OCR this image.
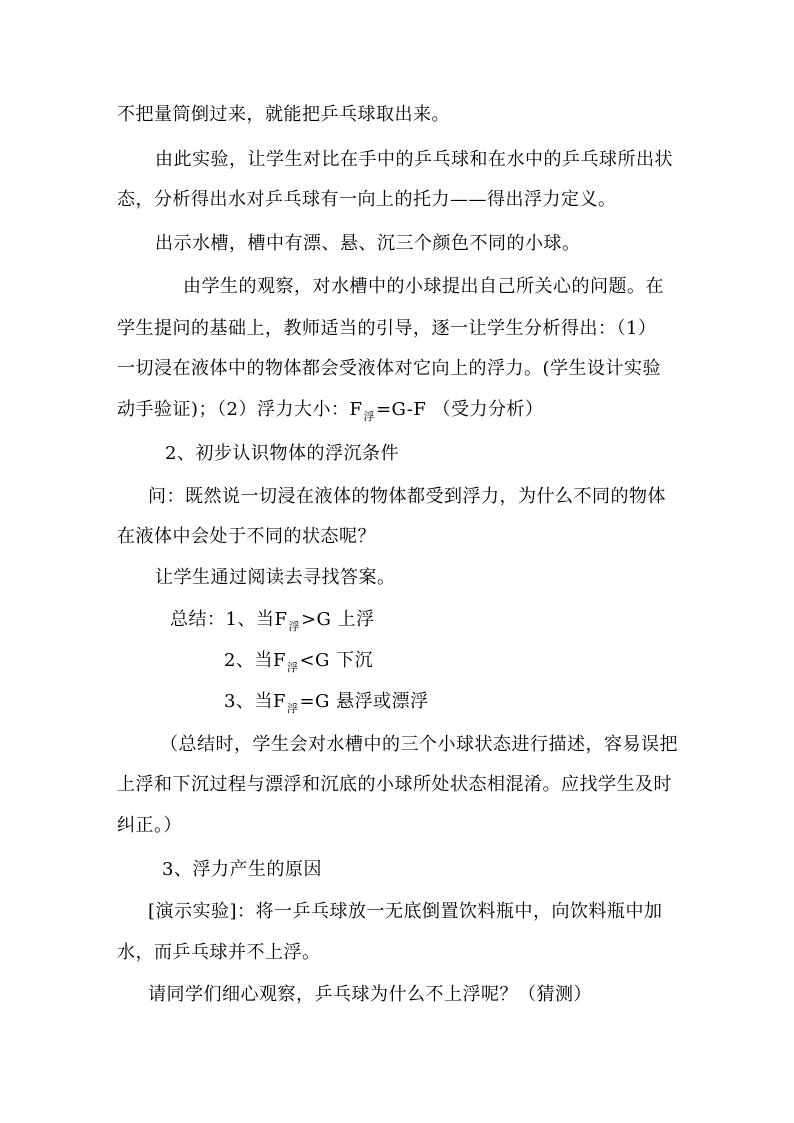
不把量筒倒过来，就能把乒乓球取出来。
由此实验，让学生对比在手中的乒乓球和在水中的乒乓球所出状
态，分析得出水对乒乓球有一向上的托力——得出浮力定义。
出示水槽，槽中有漂、悬、沉三个颜色不同的小球。
由学生的观察，对水槽中的小球提出自己所关心的问题。在
学生提问的基础上，教师适当的引导，逐一让学生分析得出：（1）
一切浸在液体中的物体都会受液体对它向上的浮力。(学生设计实验
动手验证)；（2）浮力大小：$F_浮=G-F$ （受力分析）
2、初步认识物体的浮沉条件
问：既然说一切浸在液体的物体都受到浮力，为什么不同的物体
在液体中会处于不同的状态呢？
让学生通过阅读去寻找答案。
总结：1、当$F_浮>G$ 上浮
2、当$F_浮<G$ 下沉
3、当$F_浮=G$ 悬浮或漂浮
（总结时，学生会对水槽中的三个小球状态进行描述，容易误把
上浮和下沉过程与漂浮和沉底的小球所处状态相混淆。应找学生及时
纠正。）
3、浮力产生的原因
[演示实验]：将一乒乓球放一无底倒置饮料瓶中，向饮料瓶中加
水，而乒乓球并不上浮。
请同学们细心观察，乒乓球为什么不上浮呢？（猜测）
